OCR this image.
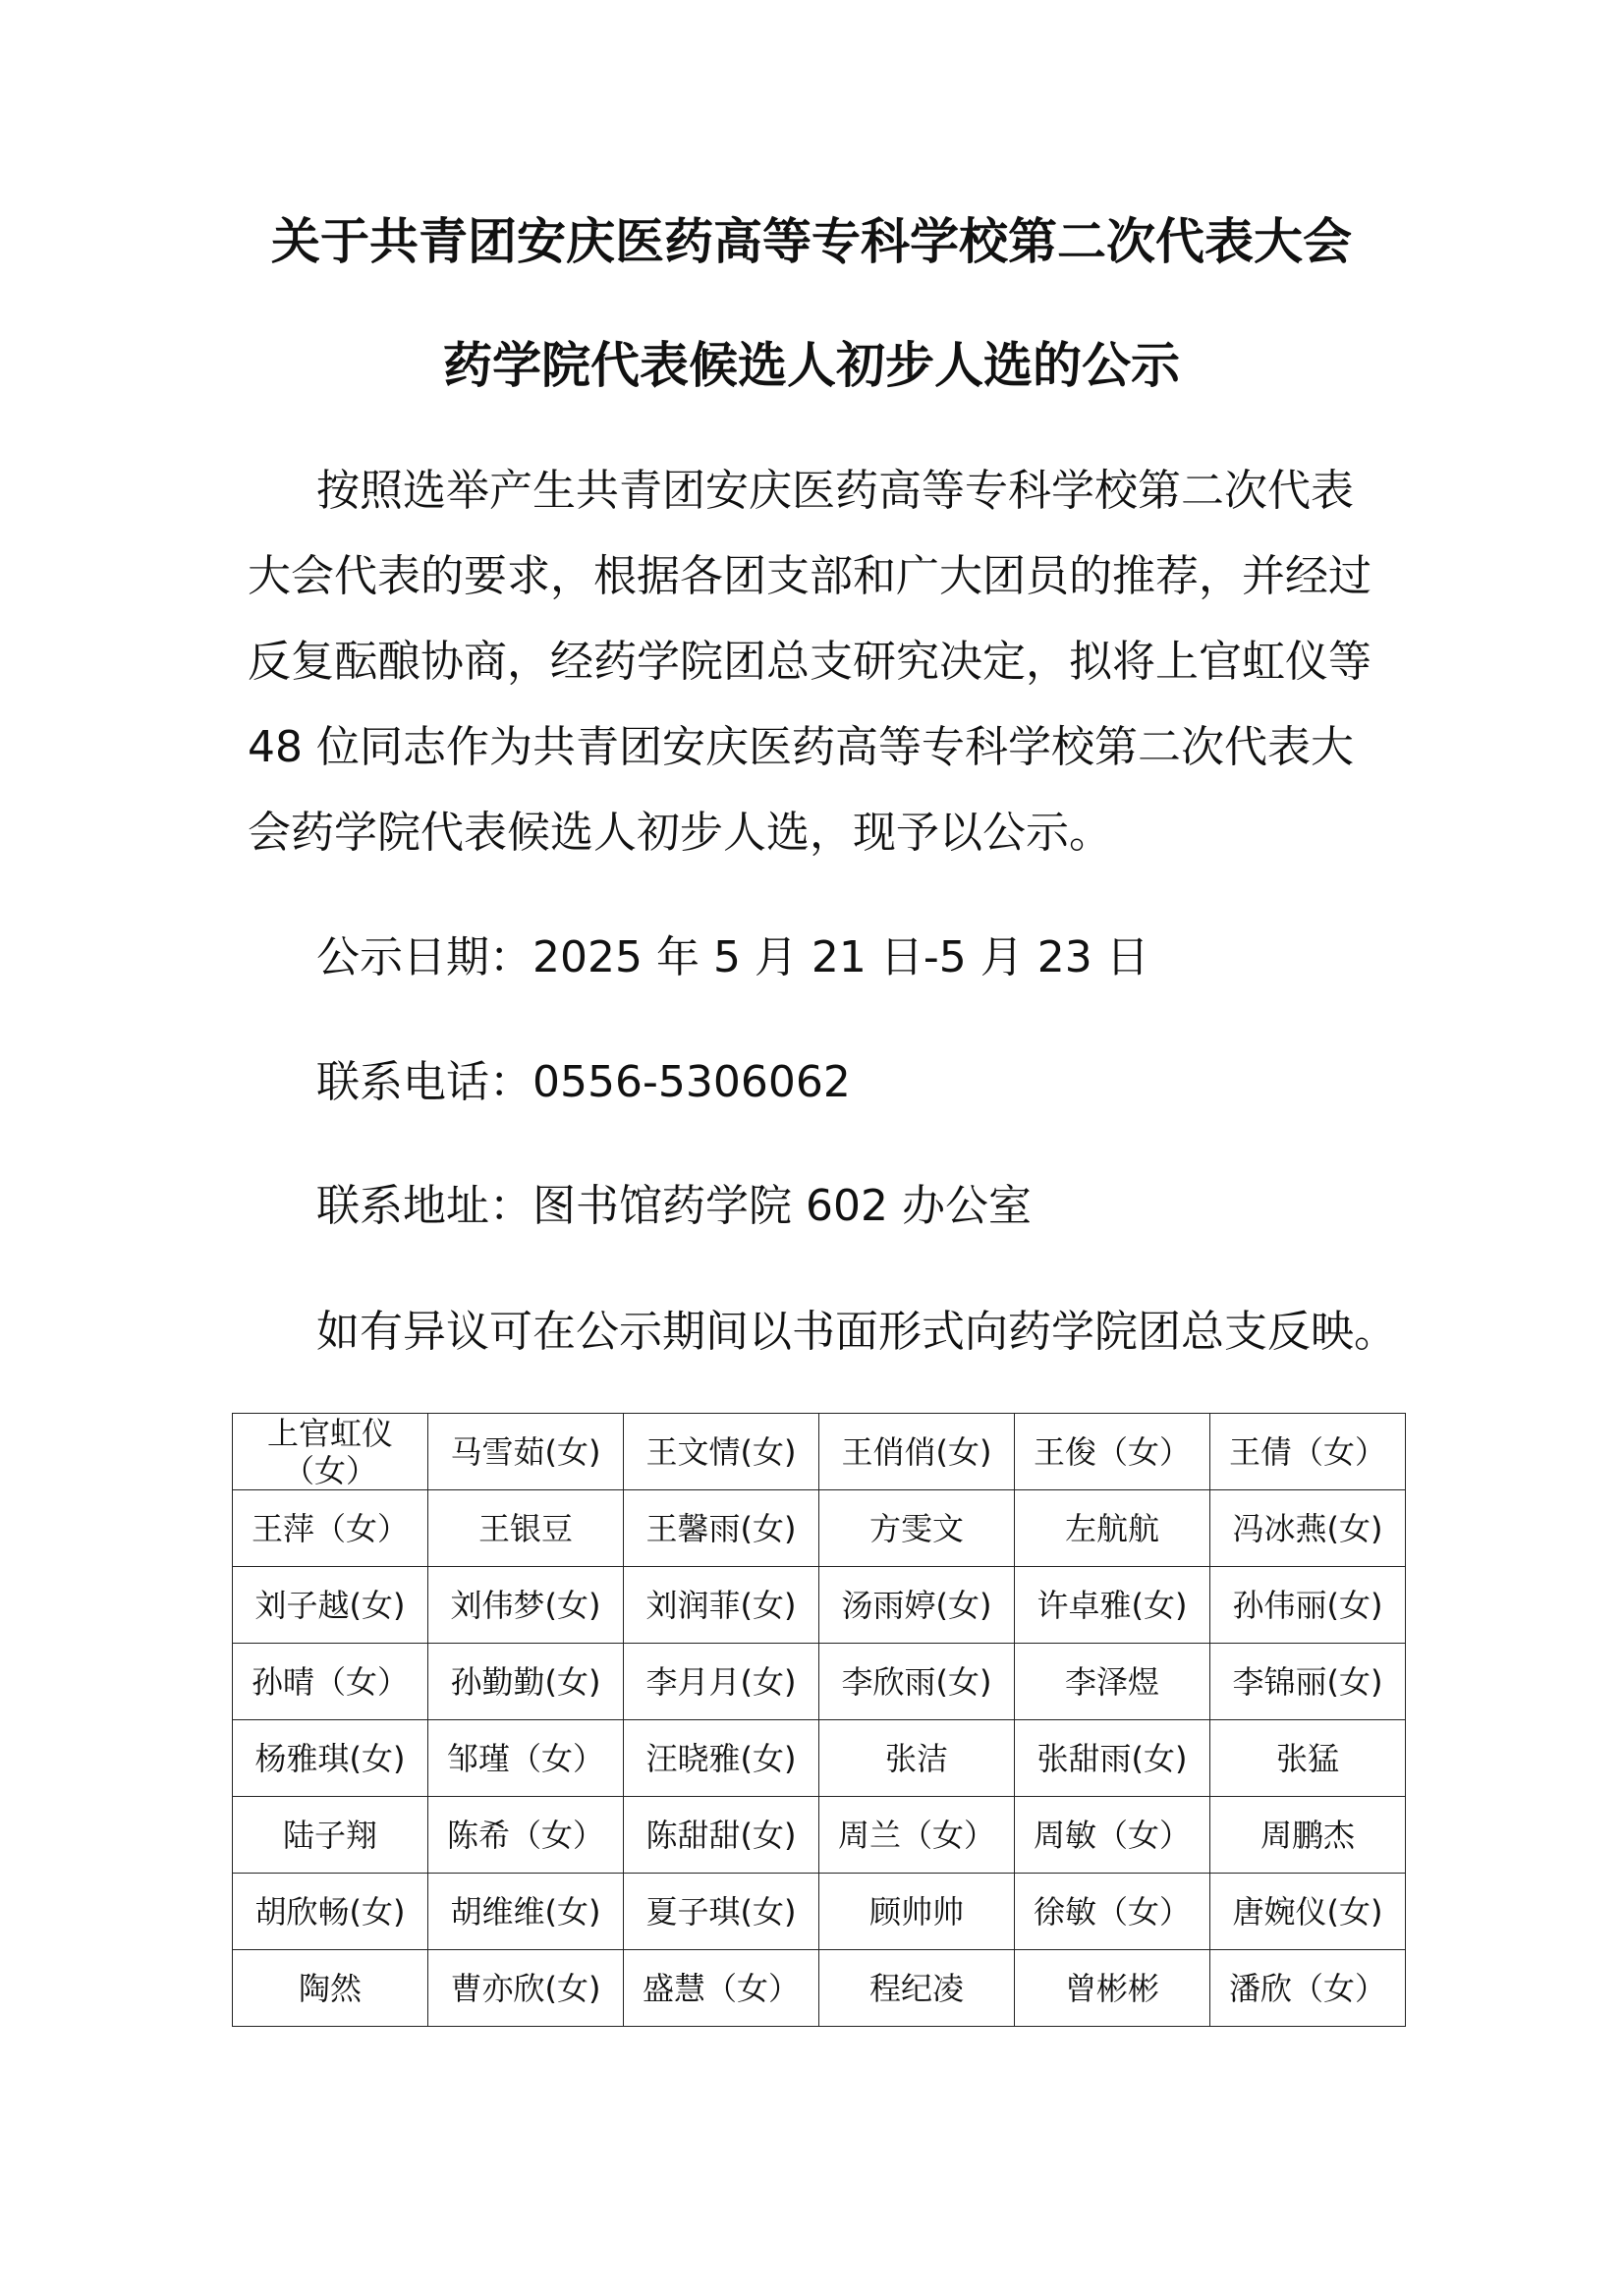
关于共青团安庆医药高等专科学校第二次代表大会
药学院代表候选人初步人选的公示

按照选举产生共青团安庆医药高等专科学校第二次代表大会代表的要求，根据各团支部和广大团员的推荐，并经过反复酝酿协商，经药学院团总支研究决定，拟将上官虹仪等 48 位同志作为共青团安庆医药高等专科学校第二次代表大会药学院代表候选人初步人选，现予以公示。

公示日期：2025 年 5 月 21 日-5 月 23 日

联系电话：0556-5306062

联系地址：图书馆药学院 602 办公室

如有异议可在公示期间以书面形式向药学院团总支反映。

上官虹仪（女）	马雪茹(女)	王文情(女)	王俏俏(女)	王俊（女）	王倩（女）
王萍（女）	王银豆	王馨雨(女)	方雯文	左航航	冯冰燕(女)
刘子越(女)	刘伟梦(女)	刘润菲(女)	汤雨婷(女)	许卓雅(女)	孙伟丽(女)
孙晴（女）	孙勤勤(女)	李月月(女)	李欣雨(女)	李泽煜	李锦丽(女)
杨雅琪(女)	邹瑾（女）	汪晓雅(女)	张洁	张甜雨(女)	张猛
陆子翔	陈希（女）	陈甜甜(女)	周兰（女）	周敏（女）	周鹏杰
胡欣畅(女)	胡维维(女)	夏子琪(女)	顾帅帅	徐敏（女）	唐婉仪(女)
陶然	曹亦欣(女)	盛慧（女）	程纪凌	曾彬彬	潘欣（女）
